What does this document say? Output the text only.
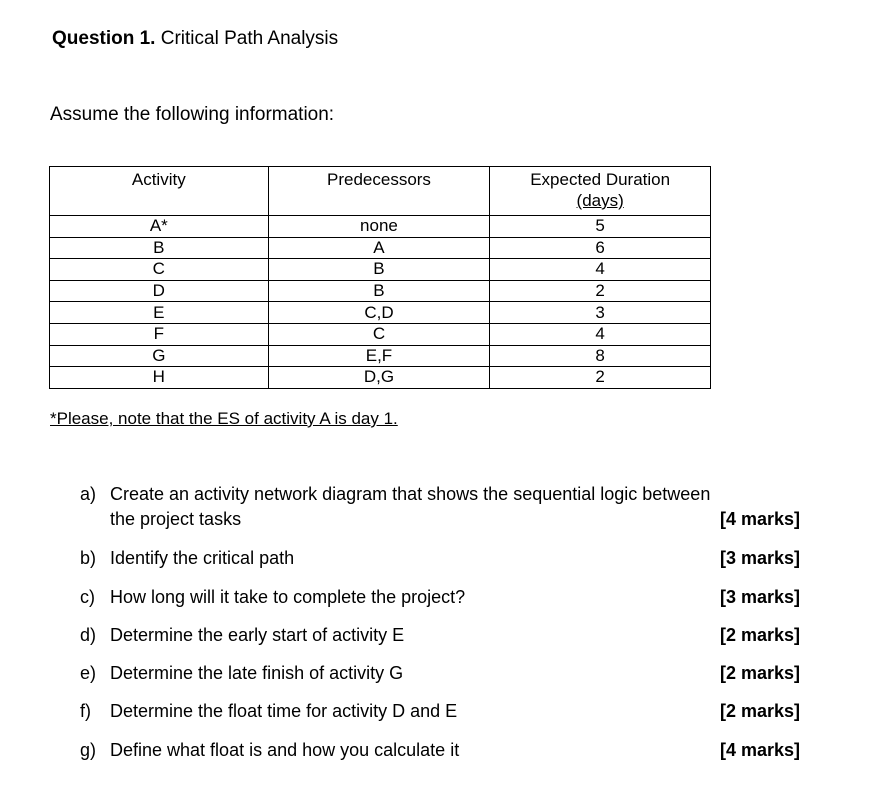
Question 1. Critical Path Analysis
Assume the following information:
Activity	Predecessors	Expected Duration
(days)
A*	none	5
B	A	6
C	B	4
D	B	2
E	C,D	3
F	C	4
G	E,F	8
H	D,G	2
*Please, note that the ES of activity A is day 1.
a) Create an activity network diagram that shows the sequential logic between
the project tasks	[4 marks]
b) Identify the critical path	[3 marks]
c) How long will it take to complete the project?	[3 marks]
d) Determine the early start of activity E	[2 marks]
e) Determine the late finish of activity G	[2 marks]
f) Determine the float time for activity D and E	[2 marks]
g) Define what float is and how you calculate it	[4 marks]
